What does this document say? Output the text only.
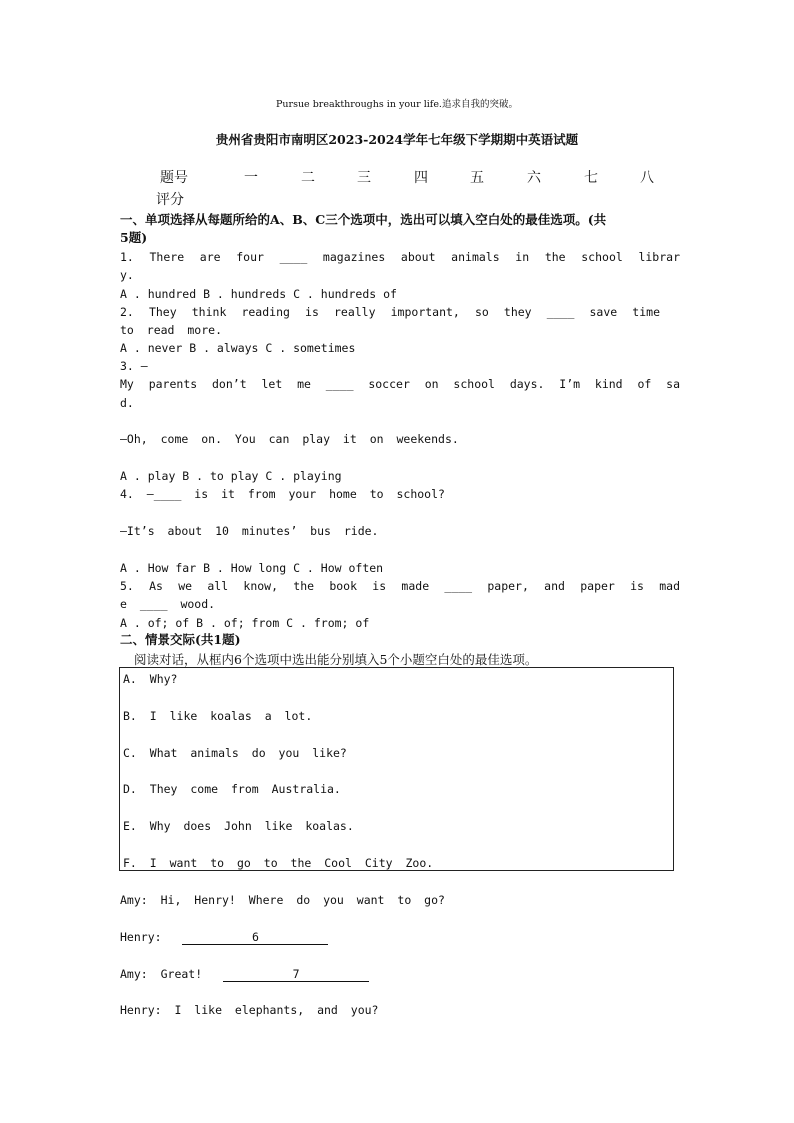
Pursue breakthroughs in your life.追求自我的突破。
贵州省贵阳市南明区2023-2024学年七年级下学期期中英语试题
题号	一	二	三	四	五	六	七	八
评分
一、单项选择从每题所给的A、B、C三个选项中，选出可以填入空白处的最佳选项。(共
5题)
1. There are four ____ magazines about animals in the school librar
y.
A . hundred B . hundreds C . hundreds of
2. They think reading is really important, so they ____ save time
to read more.
A . never B . always C . sometimes
3. —
My parents don’t let me ____ soccer on school days. I’m kind of sa
d.
—Oh, come on. You can play it on weekends.
A . play B . to play C . playing
4. —____ is it from your home to school?
—It’s about 10 minutes’ bus ride.
A . How far B . How long C . How often
5. As we all know, the book is made ____ paper, and paper is mad
e ____ wood.
A . of; of B . of; from C . from; of
二、情景交际(共1题)
阅读对话，从框内6个选项中选出能分别填入5个小题空白处的最佳选项。
A. Why?
B. I like koalas a lot.
C. What animals do you like?
D. They come from Australia.
E. Why does John like koalas.
F. I want to go to the Cool City Zoo.
Amy: Hi, Henry! Where do you want to go?
Henry:	6
Amy: Great!	7
Henry: I like elephants, and you?
